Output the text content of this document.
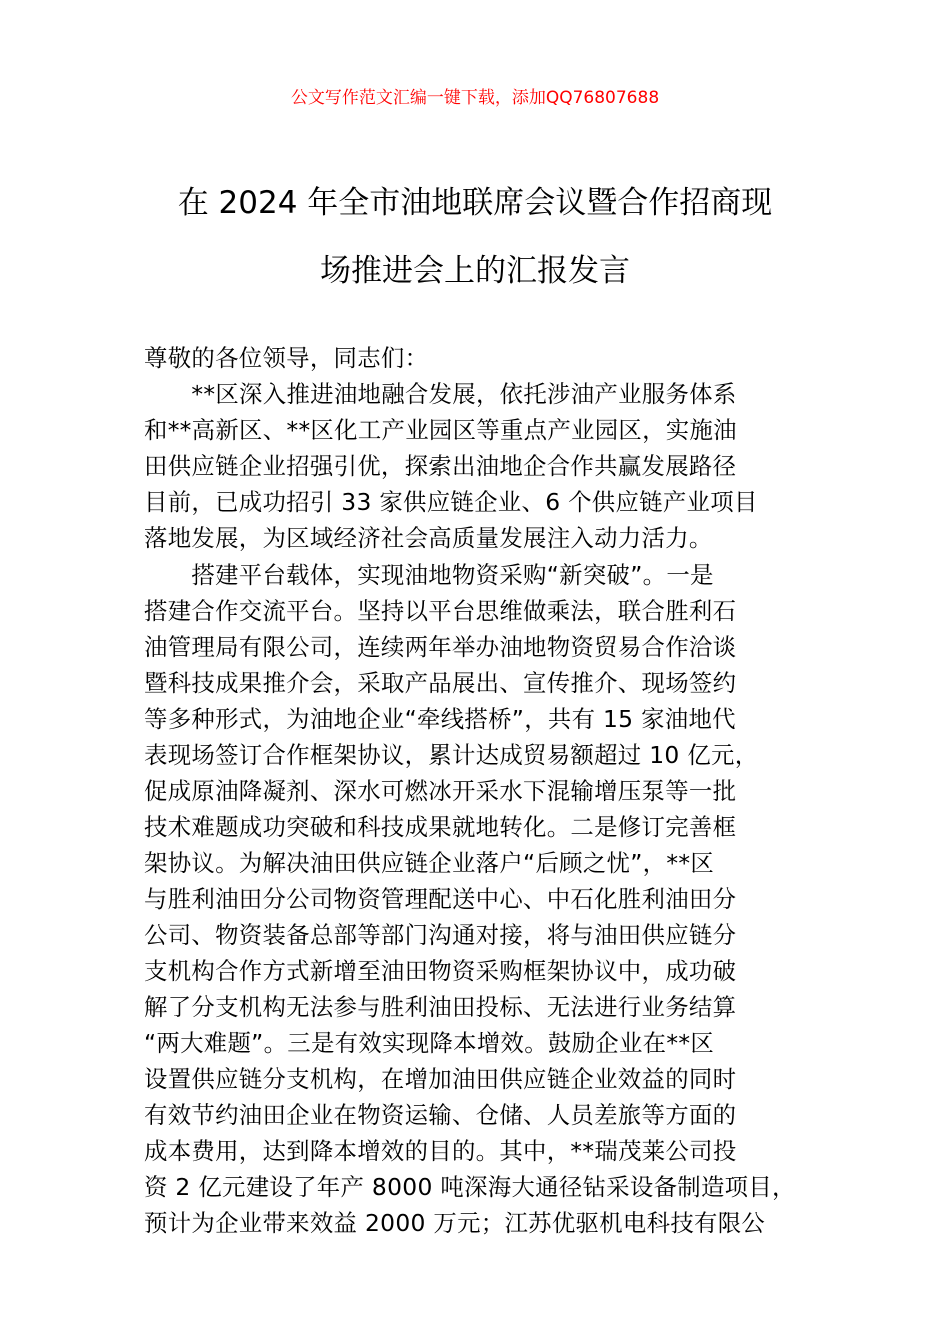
公文写作范文汇编一键下载，添加QQ76807688
在 2024 年全市油地联席会议暨合作招商现
场推进会上的汇报发言
尊敬的各位领导，同志们：
　　**区深入推进油地融合发展，依托涉油产业服务体系
和**高新区、**区化工产业园区等重点产业园区，实施油
田供应链企业招强引优，探索出油地企合作共赢发展路径
目前，已成功招引 33 家供应链企业、6 个供应链产业项目
落地发展，为区域经济社会高质量发展注入动力活力。
　　搭建平台载体，实现油地物资采购“新突破”。一是
搭建合作交流平台。坚持以平台思维做乘法，联合胜利石
油管理局有限公司，连续两年举办油地物资贸易合作洽谈
暨科技成果推介会，采取产品展出、宣传推介、现场签约
等多种形式，为油地企业“牵线搭桥”，共有 15 家油地代
表现场签订合作框架协议，累计达成贸易额超过 10 亿元，
促成原油降凝剂、深水可燃冰开采水下混输增压泵等一批
技术难题成功突破和科技成果就地转化。二是修订完善框
架协议。为解决油田供应链企业落户“后顾之忧”，**区
与胜利油田分公司物资管理配送中心、中石化胜利油田分
公司、物资装备总部等部门沟通对接，将与油田供应链分
支机构合作方式新增至油田物资采购框架协议中，成功破
解了分支机构无法参与胜利油田投标、无法进行业务结算
“两大难题”。三是有效实现降本增效。鼓励企业在**区
设置供应链分支机构，在增加油田供应链企业效益的同时
有效节约油田企业在物资运输、仓储、人员差旅等方面的
成本费用，达到降本增效的目的。其中，**瑞茂莱公司投
资 2 亿元建设了年产 8000 吨深海大通径钻采设备制造项目，
预计为企业带来效益 2000 万元；江苏优驱机电科技有限公
